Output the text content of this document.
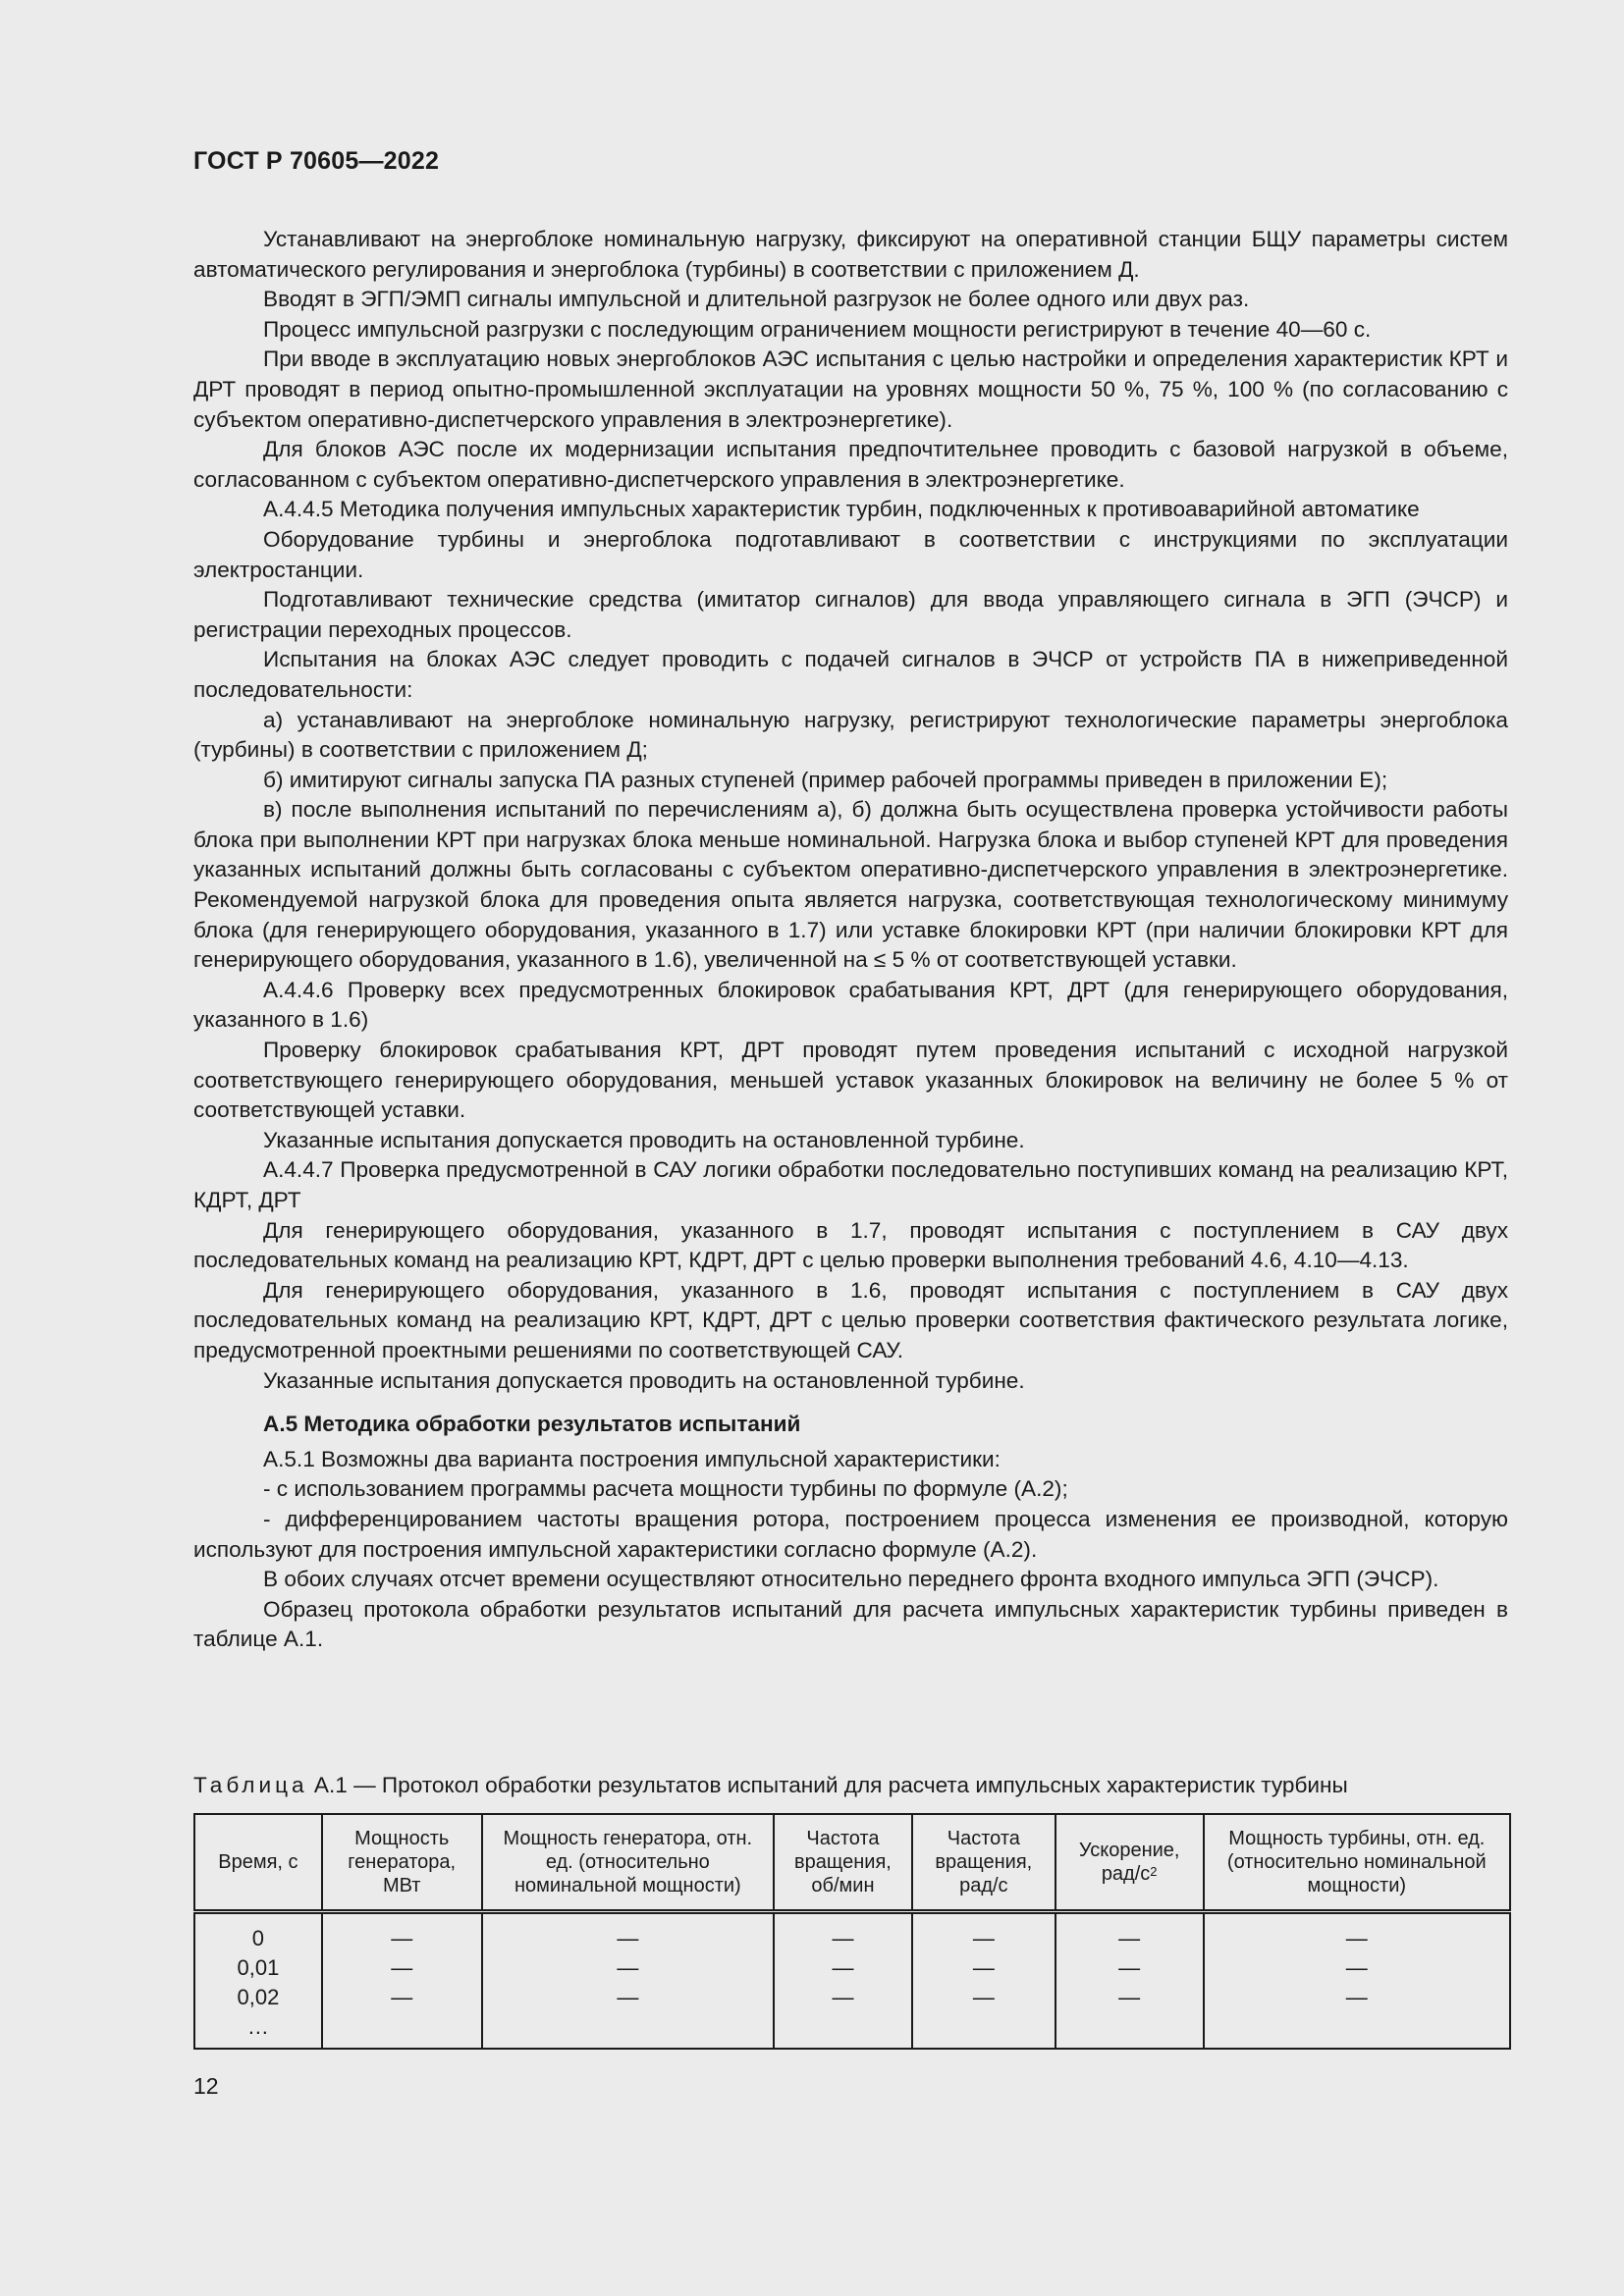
ГОСТ Р 70605—2022

Устанавливают на энергоблоке номинальную нагрузку, фиксируют на оперативной станции БЩУ параметры систем автоматического регулирования и энергоблока (турбины) в соответствии с приложением Д.

Вводят в ЭГП/ЭМП сигналы импульсной и длительной разгрузок не более одного или двух раз.

Процесс импульсной разгрузки с последующим ограничением мощности регистрируют в течение 40—60 с.

При вводе в эксплуатацию новых энергоблоков АЭС испытания с целью настройки и определения характеристик КРТ и ДРТ проводят в период опытно-промышленной эксплуатации на уровнях мощности 50 %, 75 %, 100 % (по согласованию с субъектом оперативно-диспетчерского управления в электроэнергетике).

Для блоков АЭС после их модернизации испытания предпочтительнее проводить с базовой нагрузкой в объеме, согласованном с субъектом оперативно-диспетчерского управления в электроэнергетике.

А.4.4.5 Методика получения импульсных характеристик турбин, подключенных к противоаварийной автоматике

Оборудование турбины и энергоблока подготавливают в соответствии с инструкциями по эксплуатации электростанции.

Подготавливают технические средства (имитатор сигналов) для ввода управляющего сигнала в ЭГП (ЭЧСР) и регистрации переходных процессов.

Испытания на блоках АЭС следует проводить с подачей сигналов в ЭЧСР от устройств ПА в нижеприведенной последовательности:

а) устанавливают на энергоблоке номинальную нагрузку, регистрируют технологические параметры энергоблока (турбины) в соответствии с приложением Д;

б) имитируют сигналы запуска ПА разных ступеней (пример рабочей программы приведен в приложении Е);

в) после выполнения испытаний по перечислениям а), б) должна быть осуществлена проверка устойчивости работы блока при выполнении КРТ при нагрузках блока меньше номинальной. Нагрузка блока и выбор ступеней КРТ для проведения указанных испытаний должны быть согласованы с субъектом оперативно-диспетчерского управления в электроэнергетике. Рекомендуемой нагрузкой блока для проведения опыта является нагрузка, соответствующая технологическому минимуму блока (для генерирующего оборудования, указанного в 1.7) или уставке блокировки КРТ (при наличии блокировки КРТ для генерирующего оборудования, указанного в 1.6), увеличенной на ≤ 5 % от соответствующей уставки.

А.4.4.6 Проверку всех предусмотренных блокировок срабатывания КРТ, ДРТ (для генерирующего оборудования, указанного в 1.6)

Проверку блокировок срабатывания КРТ, ДРТ проводят путем проведения испытаний с исходной нагрузкой соответствующего генерирующего оборудования, меньшей уставок указанных блокировок на величину не более 5 % от соответствующей уставки.

Указанные испытания допускается проводить на остановленной турбине.

А.4.4.7 Проверка предусмотренной в САУ логики обработки последовательно поступивших команд на реализацию КРТ, КДРТ, ДРТ

Для генерирующего оборудования, указанного в 1.7, проводят испытания с поступлением в САУ двух последовательных команд на реализацию КРТ, КДРТ, ДРТ с целью проверки выполнения требований 4.6, 4.10—4.13.

Для генерирующего оборудования, указанного в 1.6, проводят испытания с поступлением в САУ двух последовательных команд на реализацию КРТ, КДРТ, ДРТ с целью проверки соответствия фактического результата логике, предусмотренной проектными решениями по соответствующей САУ.

Указанные испытания допускается проводить на остановленной турбине.

А.5 Методика обработки результатов испытаний

А.5.1 Возможны два варианта построения импульсной характеристики:

- с использованием программы расчета мощности турбины по формуле (А.2);

- дифференцированием частоты вращения ротора, построением процесса изменения ее производной, которую используют для построения импульсной характеристики согласно формуле (А.2).

В обоих случаях отсчет времени осуществляют относительно переднего фронта входного импульса ЭГП (ЭЧСР).

Образец протокола обработки результатов испытаний для расчета импульсных характеристик турбины приведен в таблице А.1.

Таблица А.1 — Протокол обработки результатов испытаний для расчета импульсных характеристик турбины
Время, с	Мощность генератора, МВт	Мощность генератора, отн. ед. (относительно номинальной мощности)	Частота вращения, об/мин	Частота вращения, рад/с	Ускорение, рад/$с^2$	Мощность турбины, отн. ед. (относительно номинальной мощности)
0	—	—	—	—	—	—
0,01	—	—	—	—	—	—
0,02	—	—	—	—	—	—
…						
12
